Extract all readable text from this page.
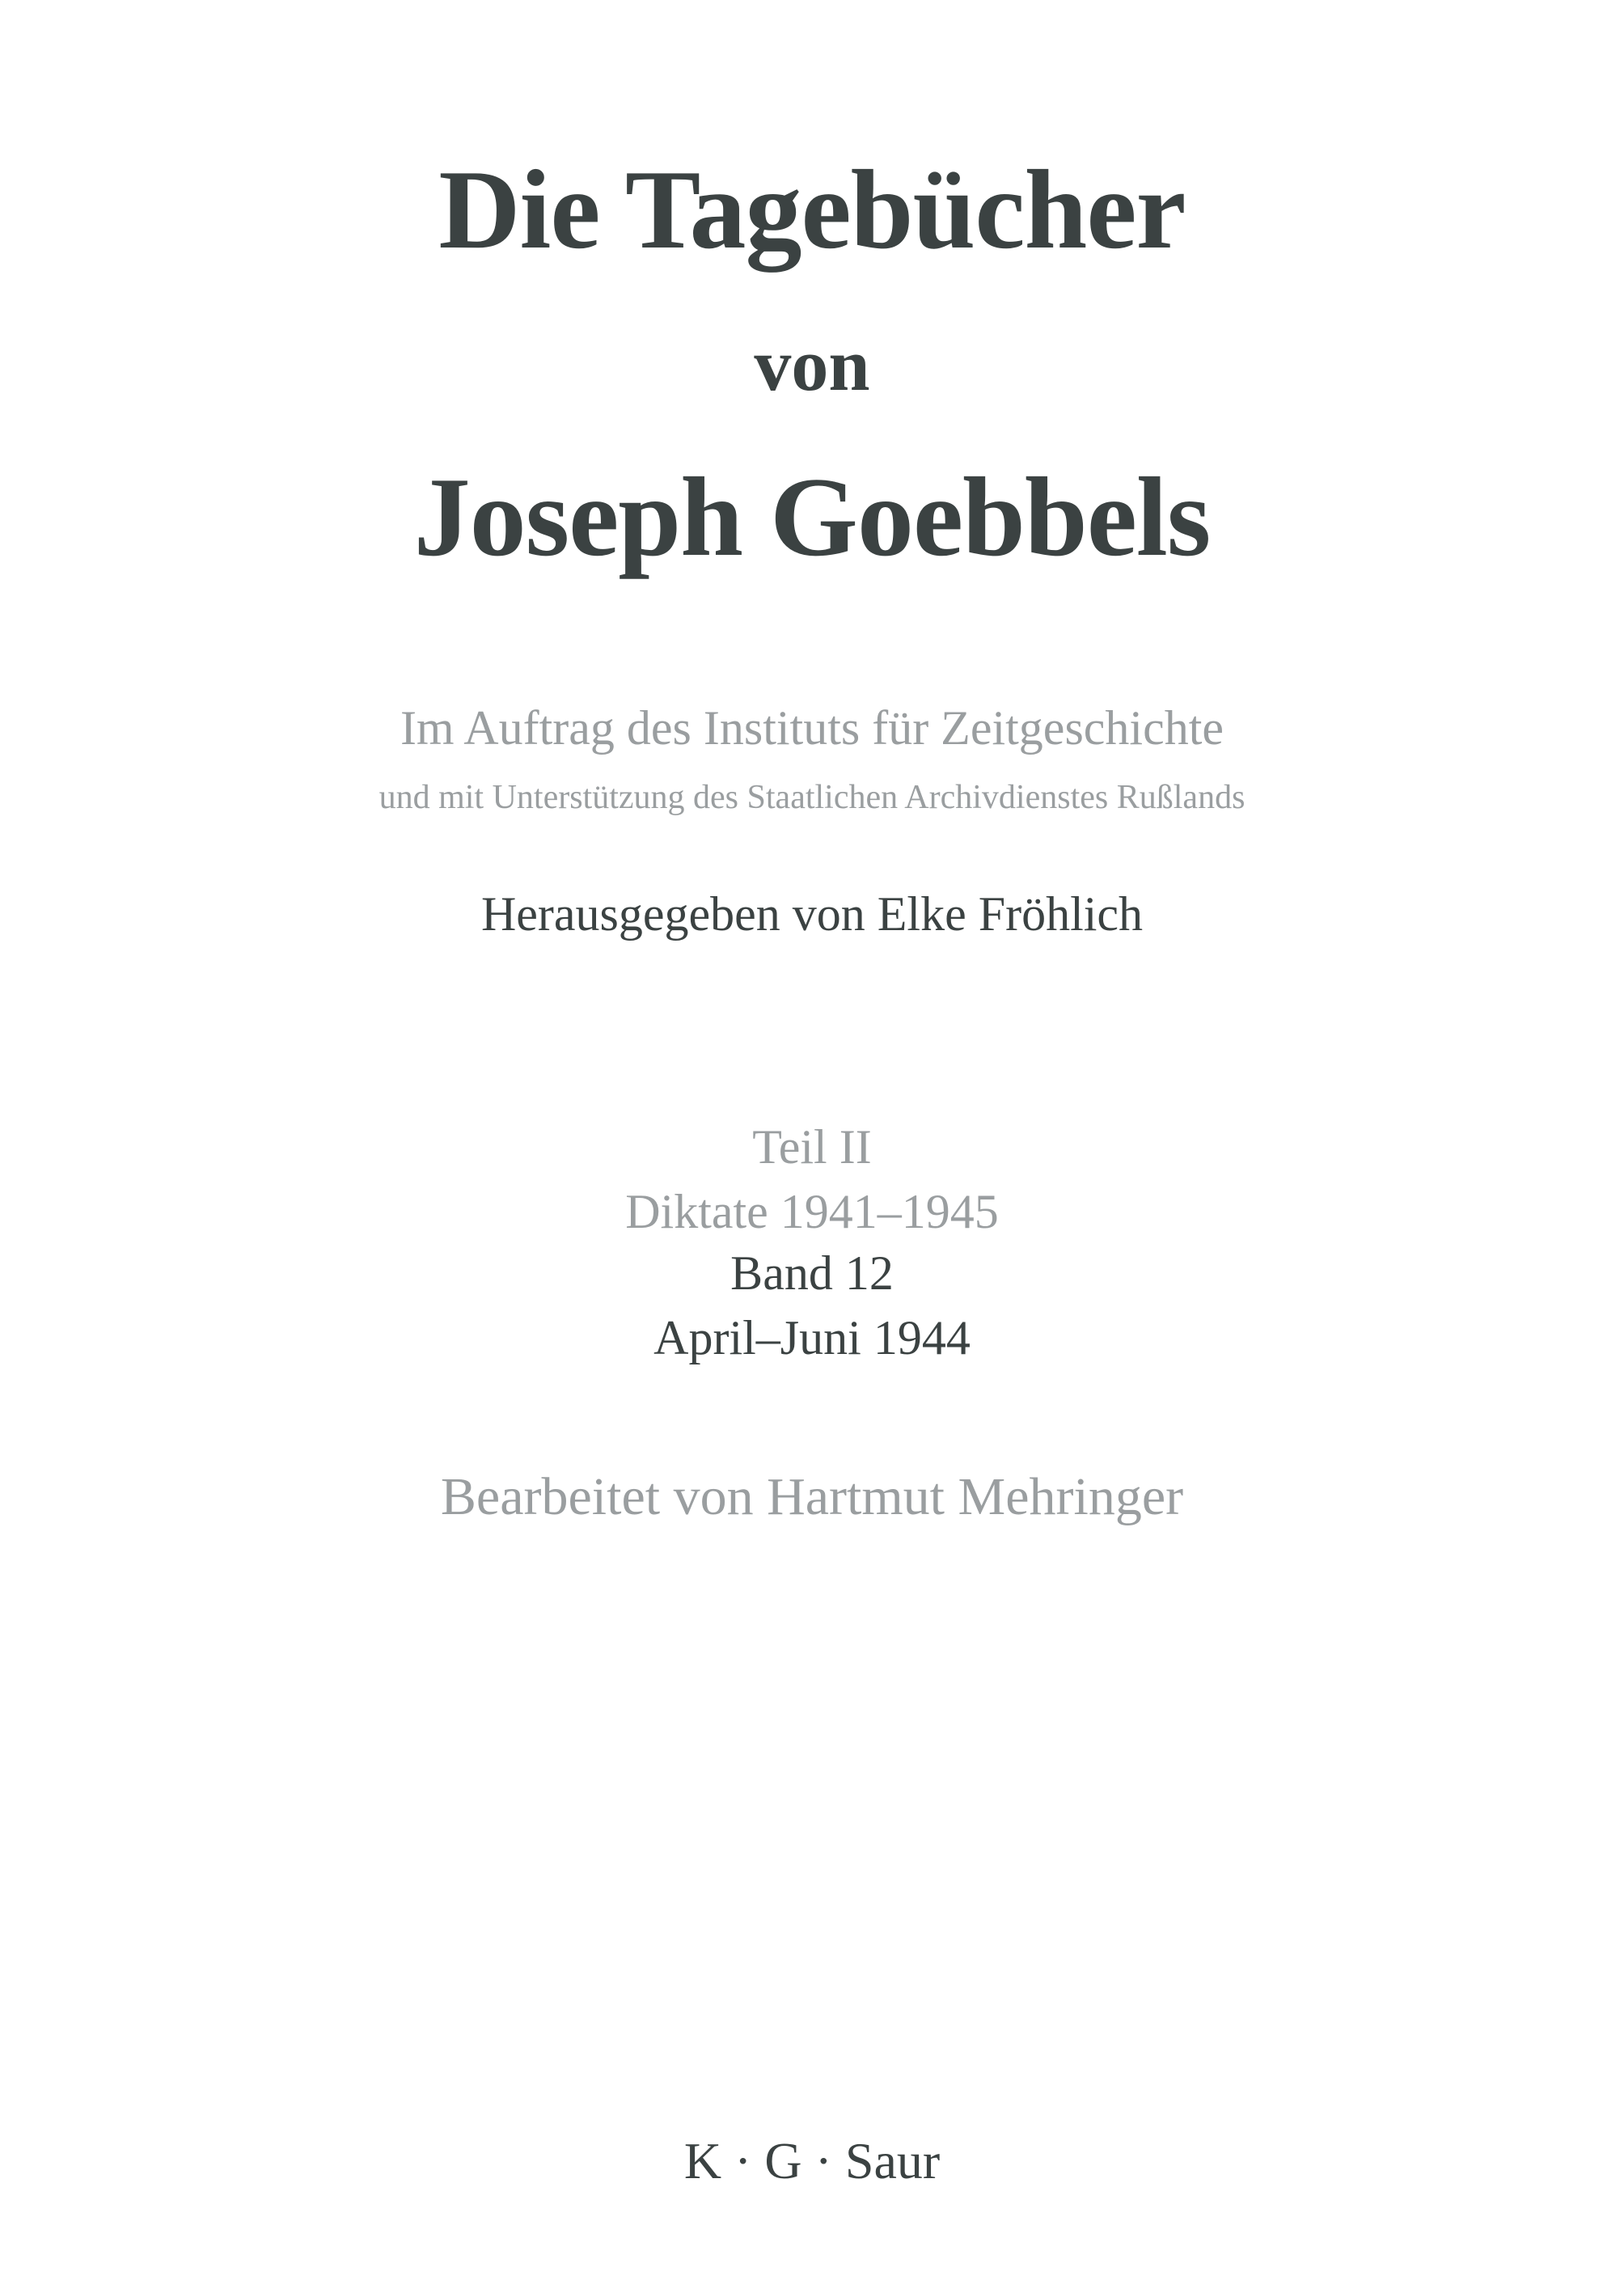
Die Tagebücher
von
Joseph Goebbels
Im Auftrag des Instituts für Zeitgeschichte
und mit Unterstützung des Staatlichen Archivdienstes Rußlands
Herausgegeben von Elke Fröhlich
Teil II
Diktate 1941–1945
Band 12
April–Juni 1944
Bearbeitet von Hartmut Mehringer
K · G · Saur
